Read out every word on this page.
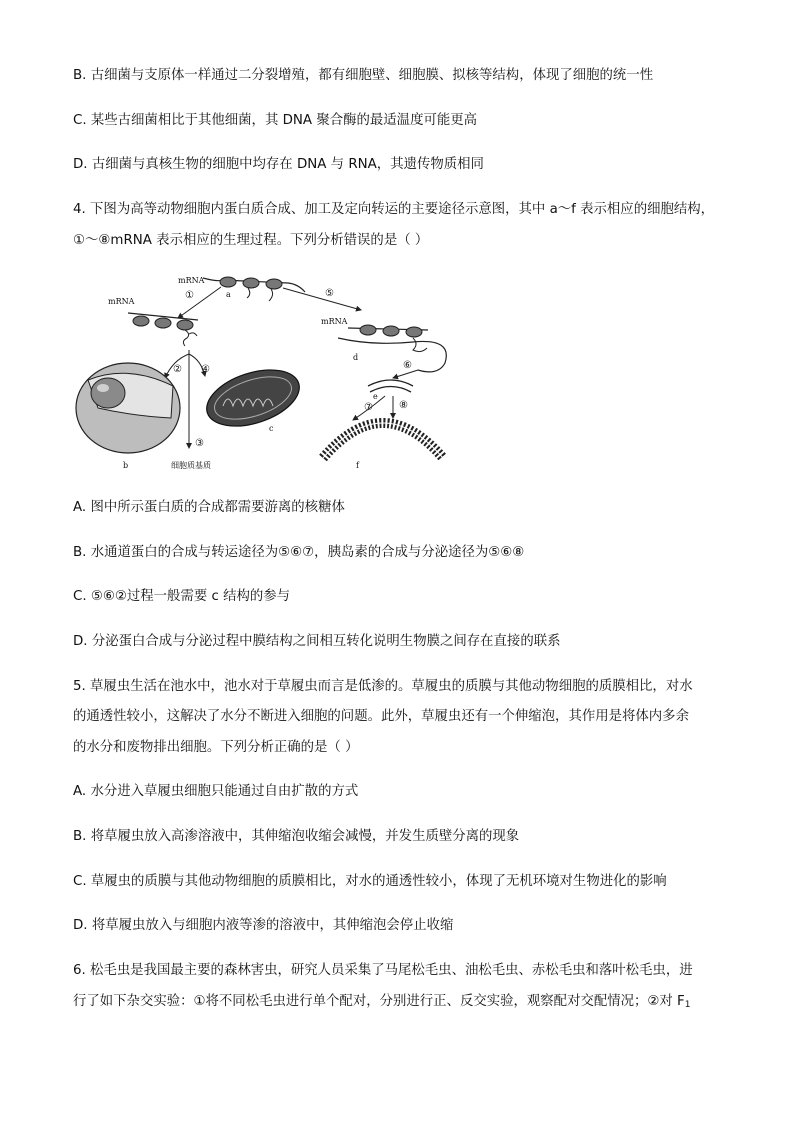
B. 古细菌与支原体一样通过二分裂增殖，都有细胞壁、细胞膜、拟核等结构，体现了细胞的统一性
C. 某些古细菌相比于其他细菌，其 DNA 聚合酶的最适温度可能更高
D. 古细菌与真核生物的细胞中均存在 DNA 与 RNA，其遗传物质相同
4. 下图为高等动物细胞内蛋白质合成、加工及定向转运的主要途径示意图，其中 a～f 表示相应的细胞结构，
①～⑧mRNA 表示相应的生理过程。下列分析错误的是（ ）
mRNA
a
①	⑤
mRNA
② ④
③
细胞质基质
b
c
mRNA
d
⑥
e
⑦	⑧
f
A. 图中所示蛋白质的合成都需要游离的核糖体
B. 水通道蛋白的合成与转运途径为⑤⑥⑦，胰岛素的合成与分泌途径为⑤⑥⑧
C. ⑤⑥②过程一般需要 c 结构的参与
D. 分泌蛋白合成与分泌过程中膜结构之间相互转化说明生物膜之间存在直接的联系
5. 草履虫生活在池水中，池水对于草履虫而言是低渗的。草履虫的质膜与其他动物细胞的质膜相比，对水
的通透性较小，这解决了水分不断进入细胞的问题。此外，草履虫还有一个伸缩泡，其作用是将体内多余
的水分和废物排出细胞。下列分析正确的是（ ）
A. 水分进入草履虫细胞只能通过自由扩散的方式
B. 将草履虫放入高渗溶液中，其伸缩泡收缩会减慢，并发生质壁分离的现象
C. 草履虫的质膜与其他动物细胞的质膜相比，对水的通透性较小，体现了无机环境对生物进化的影响
D. 将草履虫放入与细胞内液等渗的溶液中，其伸缩泡会停止收缩
6. 松毛虫是我国最主要的森林害虫，研究人员采集了马尾松毛虫、油松毛虫、赤松毛虫和落叶松毛虫，进
行了如下杂交实验：①将不同松毛虫进行单个配对，分别进行正、反交实验，观察配对交配情况；②对 $F_1$
